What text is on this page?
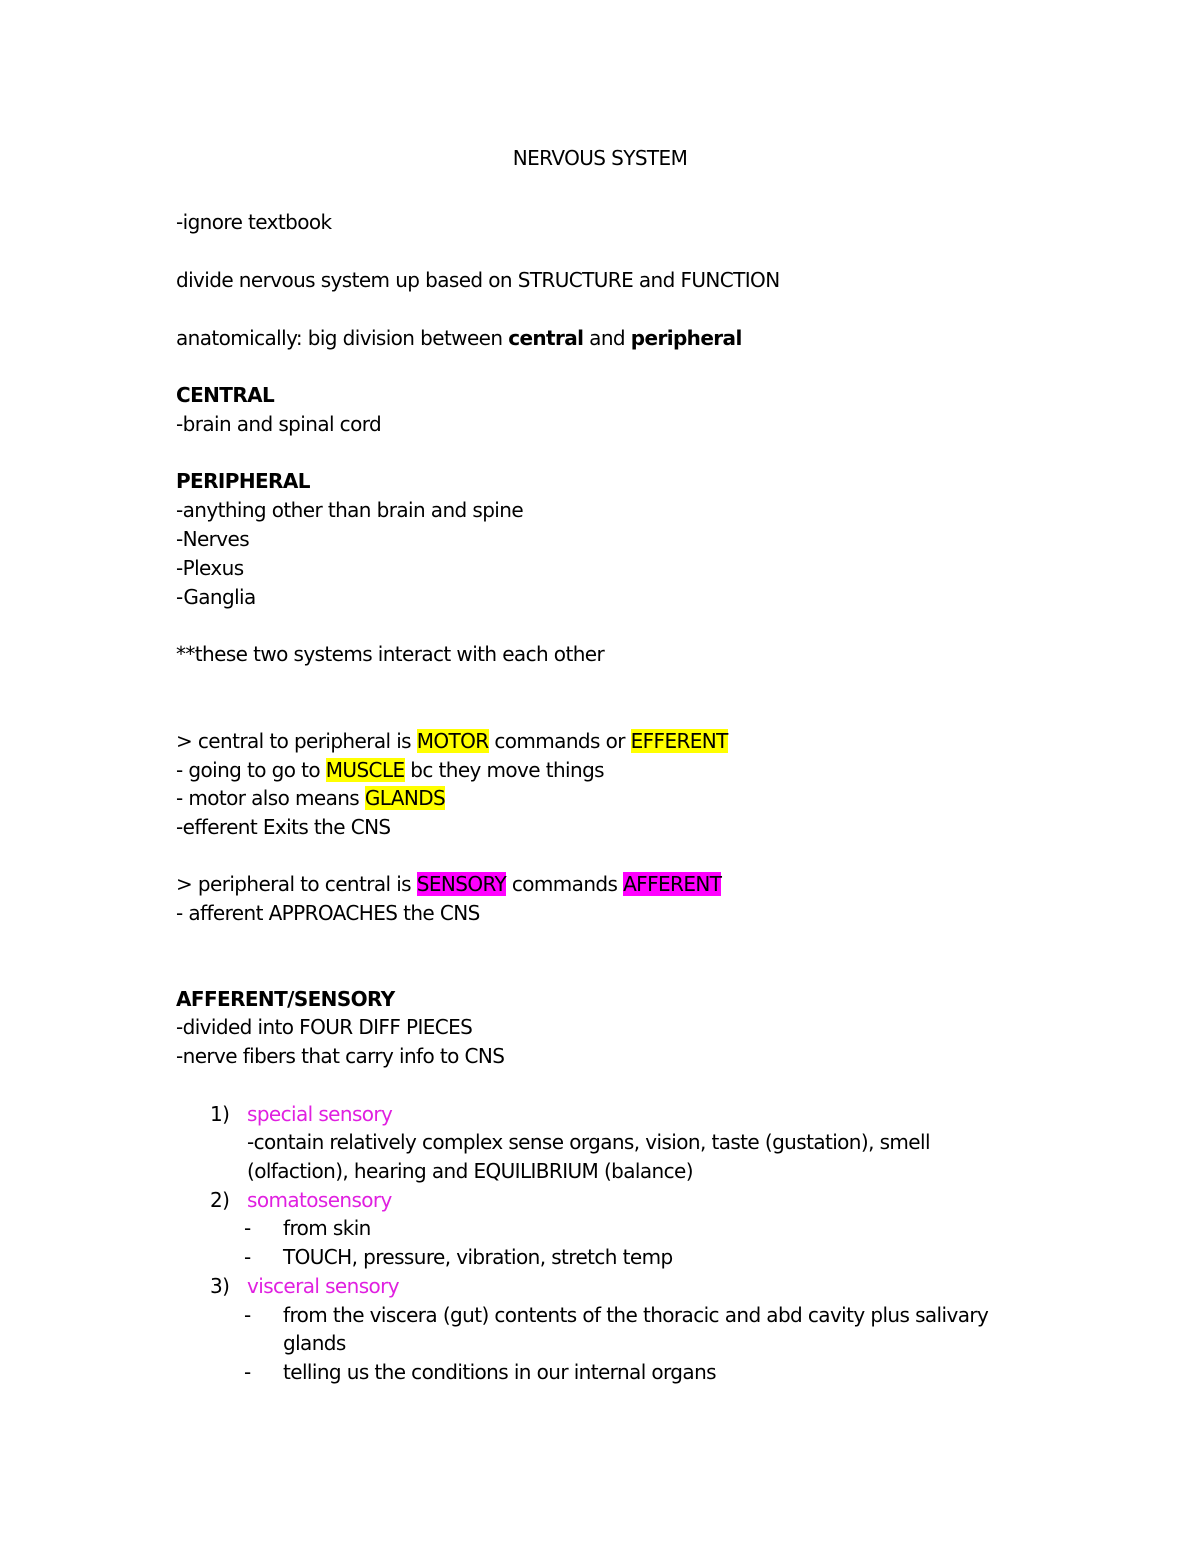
NERVOUS SYSTEM
-ignore textbook
divide nervous system up based on STRUCTURE and FUNCTION
anatomically: big division between central and peripheral
CENTRAL
-brain and spinal cord
PERIPHERAL
-anything other than brain and spine
-Nerves
-Plexus
-Ganglia
**these two systems interact with each other
> central to peripheral is MOTOR commands or EFFERENT
- going to go to MUSCLE bc they move things
- motor also means GLANDS
-efferent Exits the CNS
> peripheral to central is SENSORY commands AFFERENT
- afferent APPROACHES the CNS
AFFERENT/SENSORY
-divided into FOUR DIFF PIECES
-nerve fibers that carry info to CNS
1) special sensory
-contain relatively complex sense organs, vision, taste (gustation), smell
(olfaction), hearing and EQUILIBRIUM (balance)
2) somatosensory
- from skin
- TOUCH, pressure, vibration, stretch temp
3) visceral sensory
- from the viscera (gut) contents of the thoracic and abd cavity plus salivary
glands
- telling us the conditions in our internal organs
